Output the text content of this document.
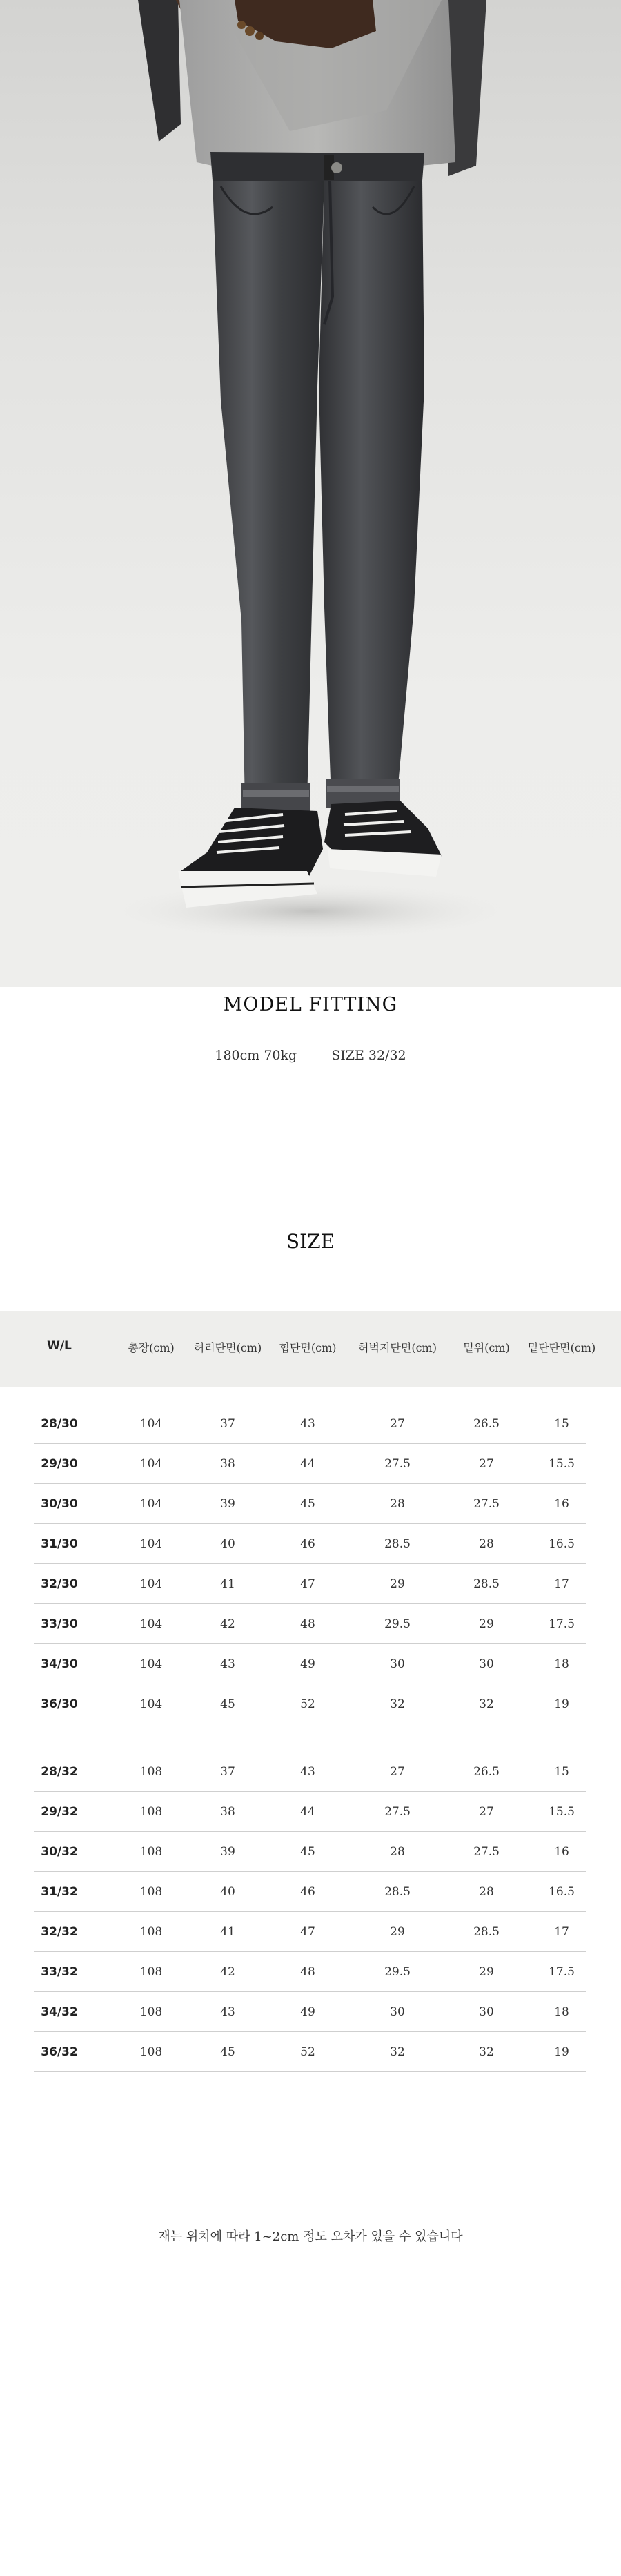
MODEL FITTING
180cm 70kg	SIZE 32/32
SIZE
W/L	총장(cm) 허리단면(cm) 힙단면(cm) 허벅지단면(cm) 밑위(cm) 밑단단면(cm)
28/30	104	37	43	27	26.5	15
29/30	104	38	44	27.5	27	15.5
30/30	104	39	45	28	27.5	16
31/30	104	40	46	28.5	28	16.5
32/30	104	41	47	29	28.5	17
33/30	104	42	48	29.5	29	17.5
34/30	104	43	49	30	30	18
36/30	104	45	52	32	32	19
28/32	108	37	43	27	26.5	15
29/32	108	38	44	27.5	27	15.5
30/32	108	39	45	28	27.5	16
31/32	108	40	46	28.5	28	16.5
32/32	108	41	47	29	28.5	17
33/32	108	42	48	29.5	29	17.5
34/32	108	43	49	30	30	18
36/32	108	45	52	32	32	19
재는 위치에 따라 1~2cm 정도 오차가 있을 수 있습니다
